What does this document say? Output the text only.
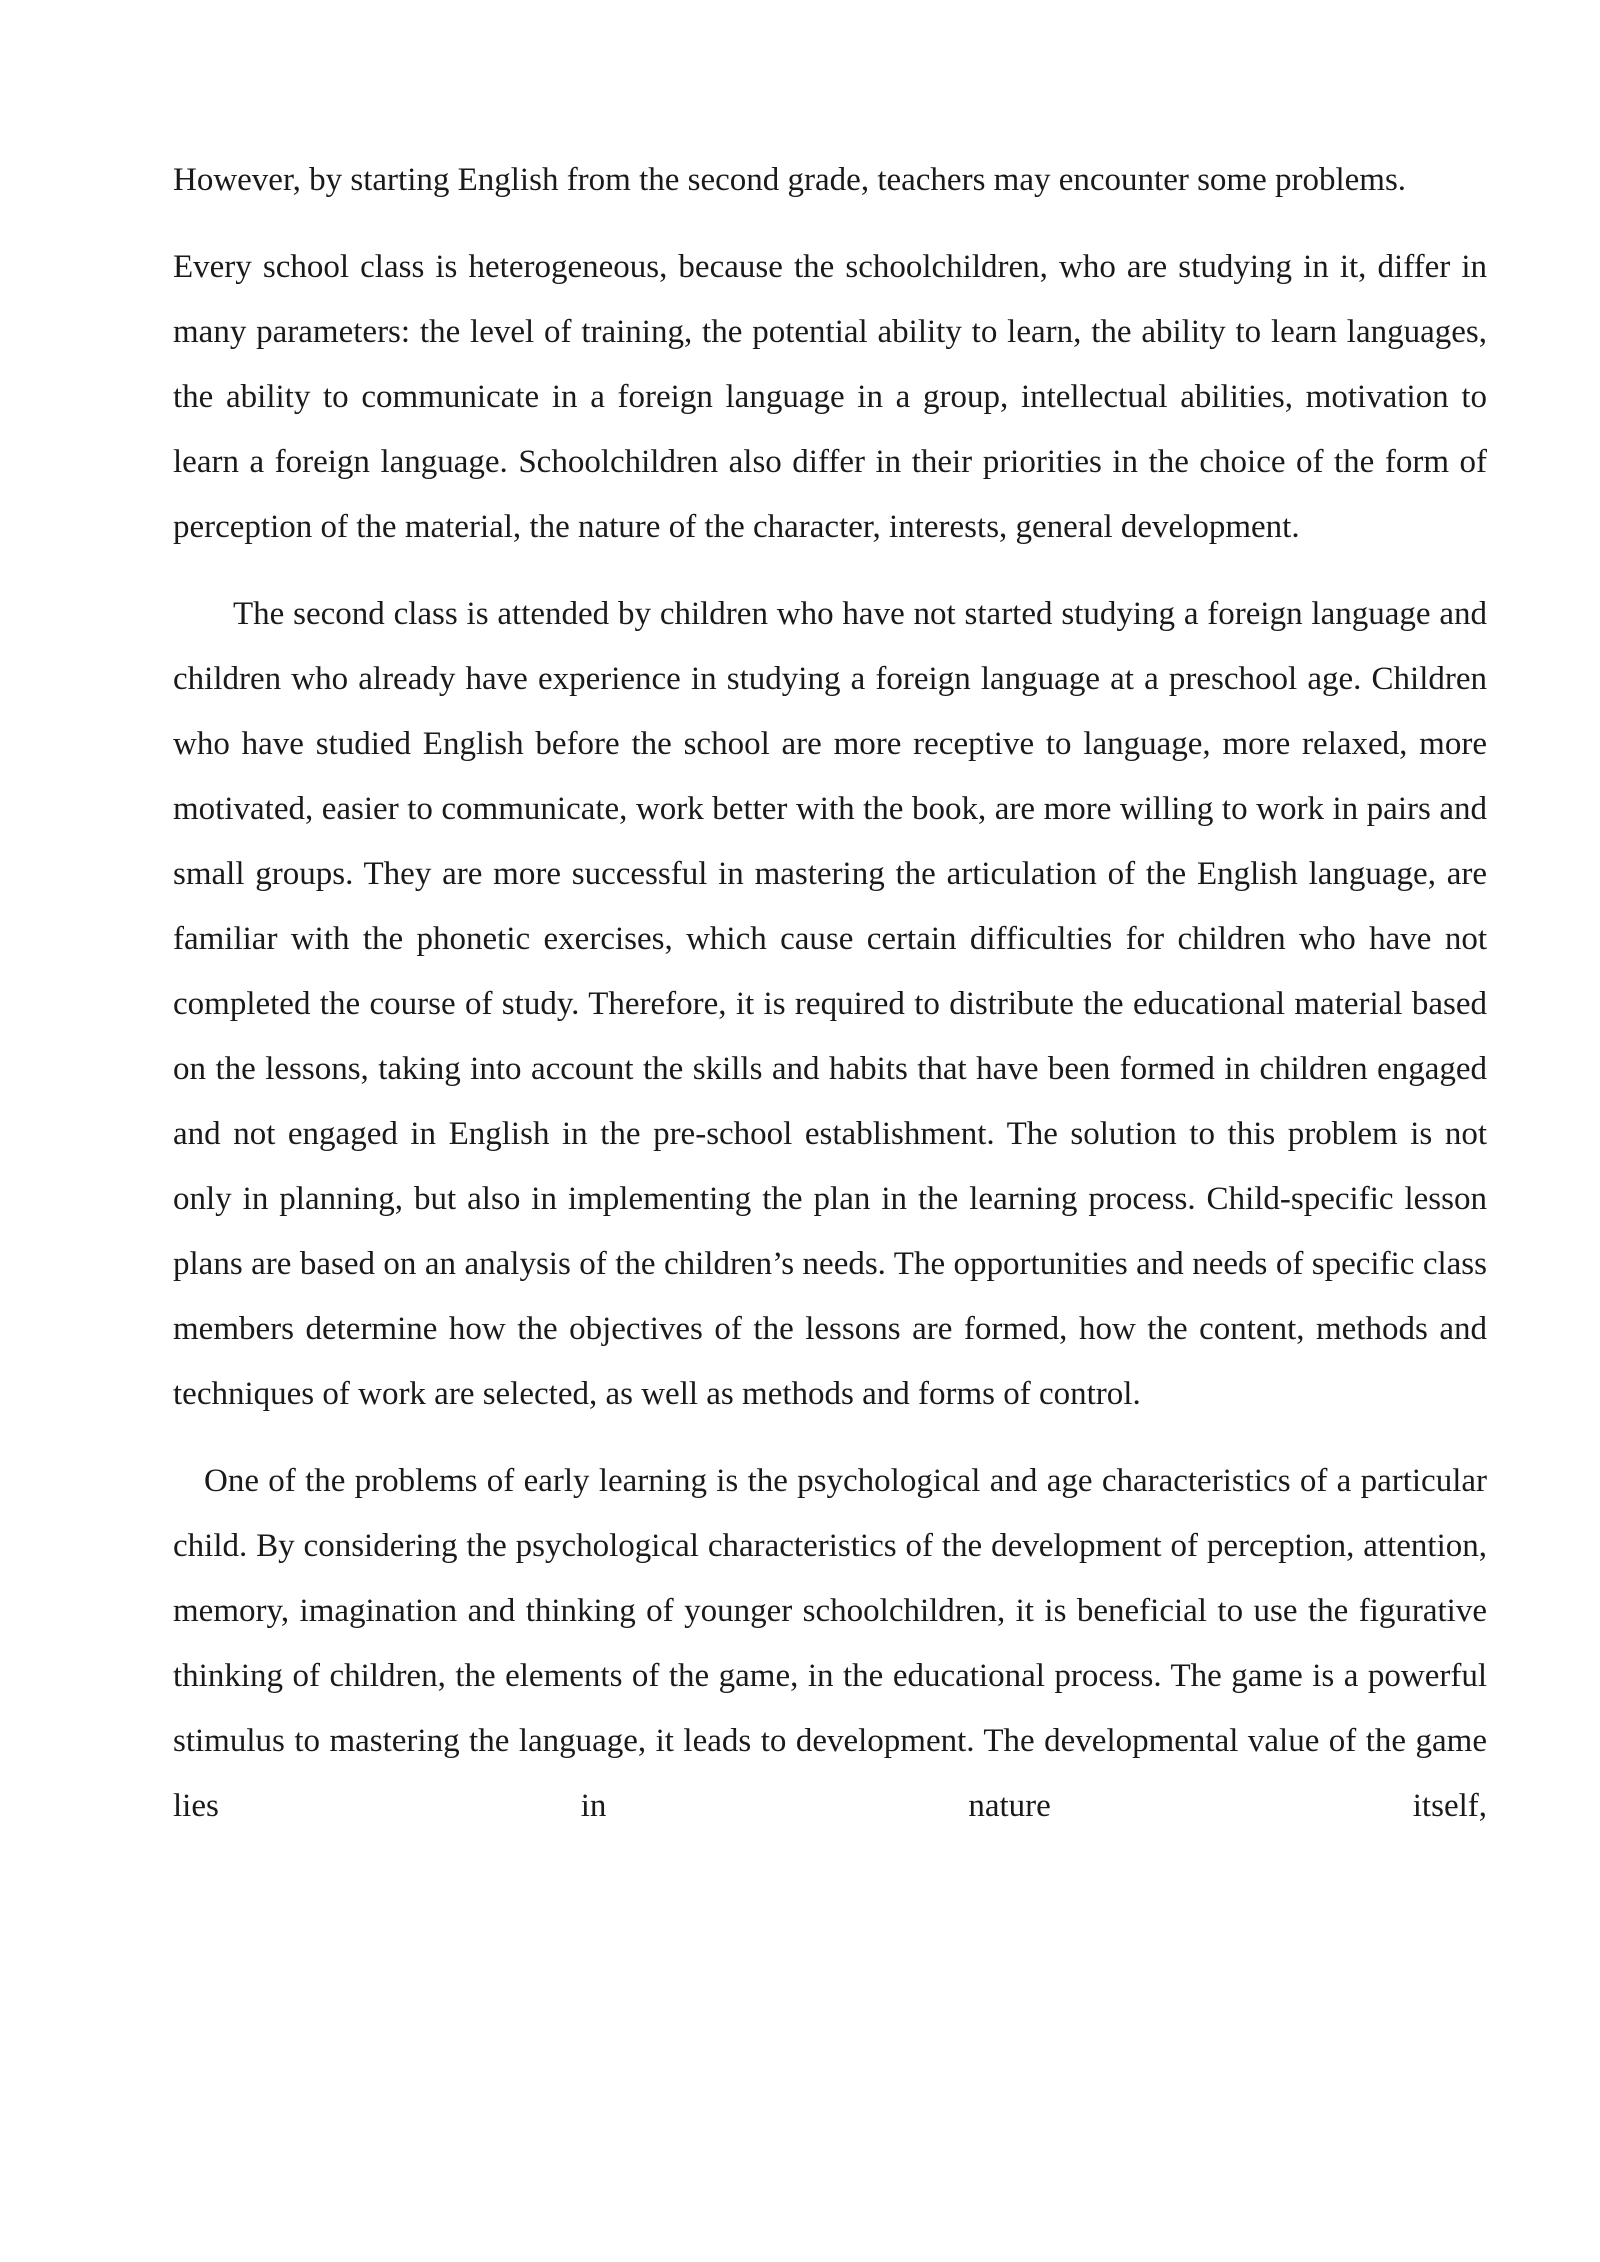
However, by starting English from the second grade, teachers may encounter some problems.

Every school class is heterogeneous, because the schoolchildren, who are studying in it, differ in many parameters: the level of training, the potential ability to learn, the ability to learn languages, the ability to communicate in a foreign language in a group, intellectual abilities, motivation to learn a foreign language. Schoolchildren also differ in their priorities in the choice of the form of perception of the material, the nature of the character, interests, general development.

The second class is attended by children who have not started studying a foreign language and children who already have experience in studying a foreign language at a preschool age. Children who have studied English before the school are more receptive to language, more relaxed, more motivated, easier to communicate, work better with the book, are more willing to work in pairs and small groups. They are more successful in mastering the articulation of the English language, are familiar with the phonetic exercises, which cause certain difficulties for children who have not completed the course of study. Therefore, it is required to distribute the educational material based on the lessons, taking into account the skills and habits that have been formed in children engaged and not engaged in English in the pre-school establishment. The solution to this problem is not only in planning, but also in implementing the plan in the learning process. Child-specific lesson plans are based on an analysis of the children’s needs. The opportunities and needs of specific class members determine how the objectives of the lessons are formed, how the content, methods and techniques of work are selected, as well as methods and forms of control.

One of the problems of early learning is the psychological and age characteristics of a particular child. By considering the psychological characteristics of the development of perception, attention, memory, imagination and thinking of younger schoolchildren, it is beneficial to use the figurative thinking of children, the elements of the game, in the educational process. The game is a powerful stimulus to mastering the language, it leads to development. The developmental value of the game lies in nature itself,
